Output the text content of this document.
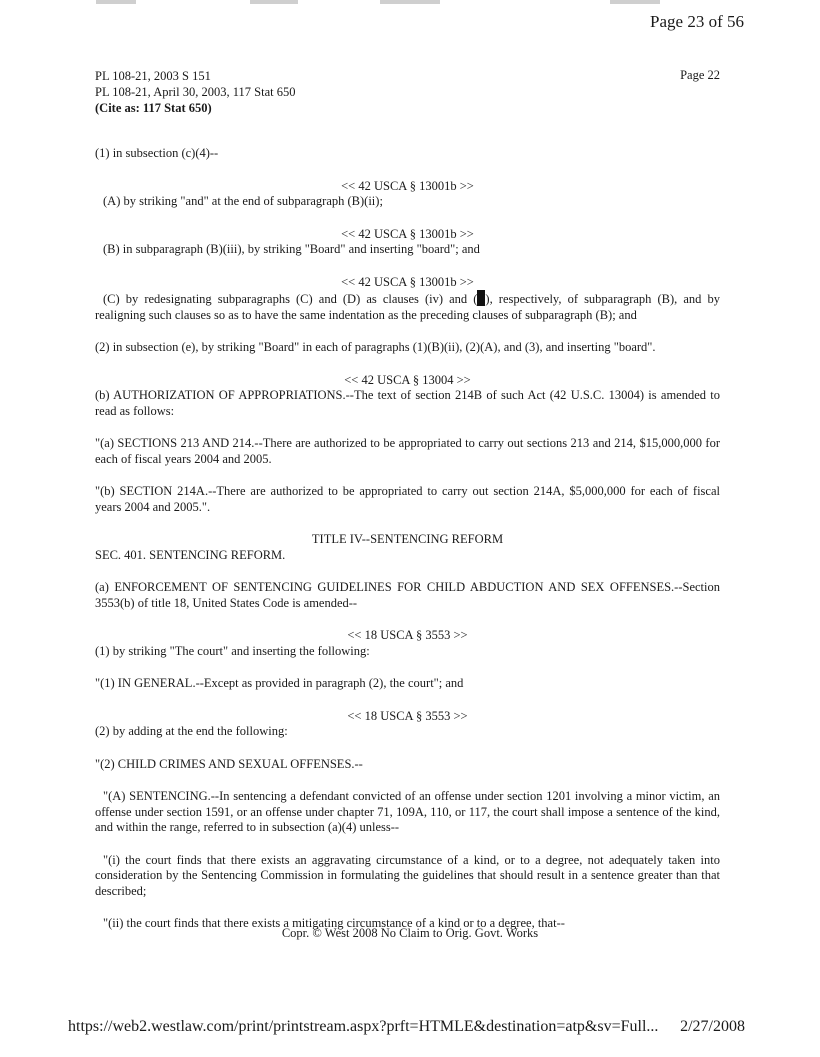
Page 23 of 56
PL 108-21, 2003 S 151
PL 108-21, April 30, 2003, 117 Stat 650
(Cite as: 117 Stat 650)
Page 22

(1) in subsection (c)(4)--

<< 42 USCA § 13001b >>

(A) by striking "and" at the end of subparagraph (B)(ii);

<< 42 USCA § 13001b >>

(B) in subparagraph (B)(iii), by striking "Board" and inserting "board"; and

<< 42 USCA § 13001b >>

(C) by redesignating subparagraphs (C) and (D) as clauses (iv) and ( ), respectively, of subparagraph (B), and by realigning such clauses so as to have the same indentation as the preceding clauses of subparagraph (B); and

(2) in subsection (e), by striking "Board" in each of paragraphs (1)(B)(ii), (2)(A), and (3), and inserting "board".

<< 42 USCA § 13004 >>

(b) AUTHORIZATION OF APPROPRIATIONS.--The text of section 214B of such Act (42 U.S.C. 13004) is amended to read as follows:

"(a) SECTIONS 213 AND 214.--There are authorized to be appropriated to carry out sections 213 and 214, $15,000,000 for each of fiscal years 2004 and 2005.

"(b) SECTION 214A.--There are authorized to be appropriated to carry out section 214A, $5,000,000 for each of fiscal years 2004 and 2005.".

TITLE IV--SENTENCING REFORM

SEC. 401. SENTENCING REFORM.

(a) ENFORCEMENT OF SENTENCING GUIDELINES FOR CHILD ABDUCTION AND SEX OFFENSES.--Section 3553(b) of title 18, United States Code is amended--

<< 18 USCA § 3553 >>

(1) by striking "The court" and inserting the following:

"(1) IN GENERAL.--Except as provided in paragraph (2), the court"; and

<< 18 USCA § 3553 >>

(2) by adding at the end the following:

"(2) CHILD CRIMES AND SEXUAL OFFENSES.--

"(A) SENTENCING.--In sentencing a defendant convicted of an offense under section 1201 involving a minor victim, an offense under section 1591, or an offense under chapter 71, 109A, 110, or 117, the court shall impose a sentence of the kind, and within the range, referred to in subsection (a)(4) unless--

"(i) the court finds that there exists an aggravating circumstance of a kind, or to a degree, not adequately taken into consideration by the Sentencing Commission in formulating the guidelines that should result in a sentence greater than that described;

"(ii) the court finds that there exists a mitigating circumstance of a kind or to a degree, that--

Copr. © West 2008 No Claim to Orig. Govt. Works
https://web2.westlaw.com/print/printstream.aspx?prft=HTMLE&destination=atp&sv=Full... 2/27/2008
